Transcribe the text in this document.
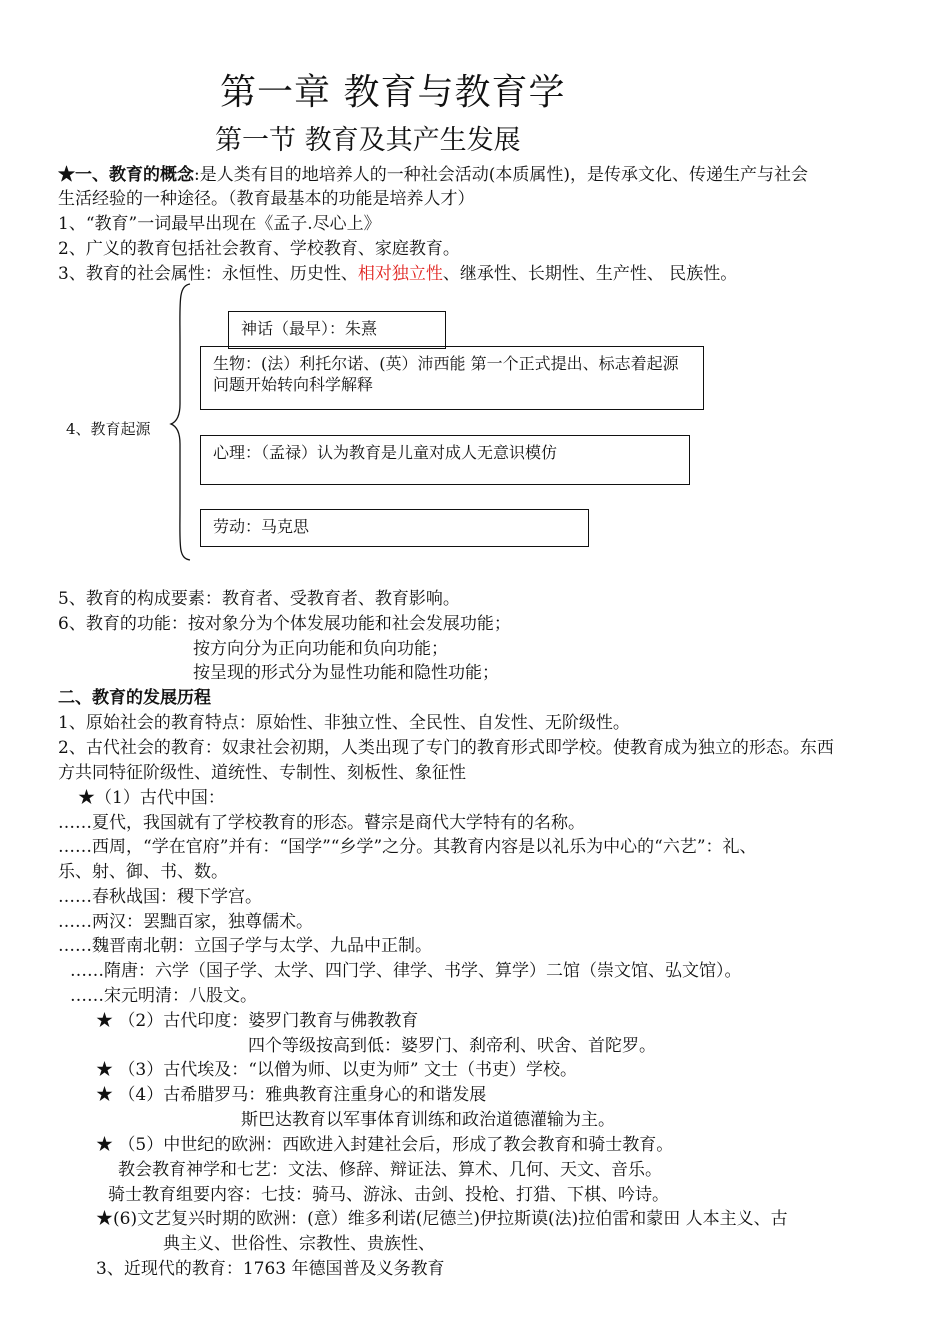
第一章 教育与教育学
第一节 教育及其产生发展
★一、教育的概念:是人类有目的地培养人的一种社会活动(本质属性)，是传承文化、传递生产与社会
生活经验的一种途径。（教育最基本的功能是培养人才）
1、“教育”一词最早出现在《孟子.尽心上》
2、广义的教育包括社会教育、学校教育、家庭教育。
3、教育的社会属性：永恒性、历史性、相对独立性、继承性、长期性、生产性、 民族性。
4、教育起源
神话（最早）：朱熹
生物：(法）利托尔诺、(英）沛西能 第一个正式提出、标志着起源问题开始转向科学解释
心理：（孟禄）认为教育是儿童对成人无意识模仿
劳动：马克思
5、教育的构成要素：教育者、受教育者、教育影响。
6、教育的功能：按对象分为个体发展功能和社会发展功能；
按方向分为正向功能和负向功能；
按呈现的形式分为显性功能和隐性功能；
二、教育的发展历程
1、原始社会的教育特点：原始性、非独立性、全民性、自发性、无阶级性。
2、古代社会的教育：奴隶社会初期，人类出现了专门的教育形式即学校。使教育成为独立的形态。东西
方共同特征阶级性、道统性、专制性、刻板性、象征性
★（1）古代中国：
……夏代，我国就有了学校教育的形态。瞽宗是商代大学特有的名称。
……西周，“学在官府”并有：“国学”“乡学”之分。其教育内容是以礼乐为中心的“六艺”：礼、
乐、射、御、书、数。
……春秋战国：稷下学宫。
……两汉：罢黜百家，独尊儒术。
……魏晋南北朝：立国子学与太学、九品中正制。
……隋唐：六学（国子学、太学、四门学、律学、书学、算学）二馆（崇文馆、弘文馆）。
……宋元明清：八股文。
★ （2）古代印度：婆罗门教育与佛教教育
四个等级按高到低：婆罗门、刹帝利、吠舍、首陀罗。
★ （3）古代埃及：“以僧为师、以吏为师” 文士（书吏）学校。
★ （4）古希腊罗马：雅典教育注重身心的和谐发展
斯巴达教育以军事体育训练和政治道德灌输为主。
★ （5）中世纪的欧洲：西欧进入封建社会后，形成了教会教育和骑士教育。
教会教育神学和七艺：文法、修辞、辩证法、算术、几何、天文、音乐。
骑士教育组要内容：七技：骑马、游泳、击剑、投枪、打猎、下棋、吟诗。
★(6)文艺复兴时期的欧洲：(意）维多利诺(尼德兰)伊拉斯谟(法)拉伯雷和蒙田 人本主义、古
典主义、世俗性、宗教性、贵族性、
3、近现代的教育：1763 年德国普及义务教育
